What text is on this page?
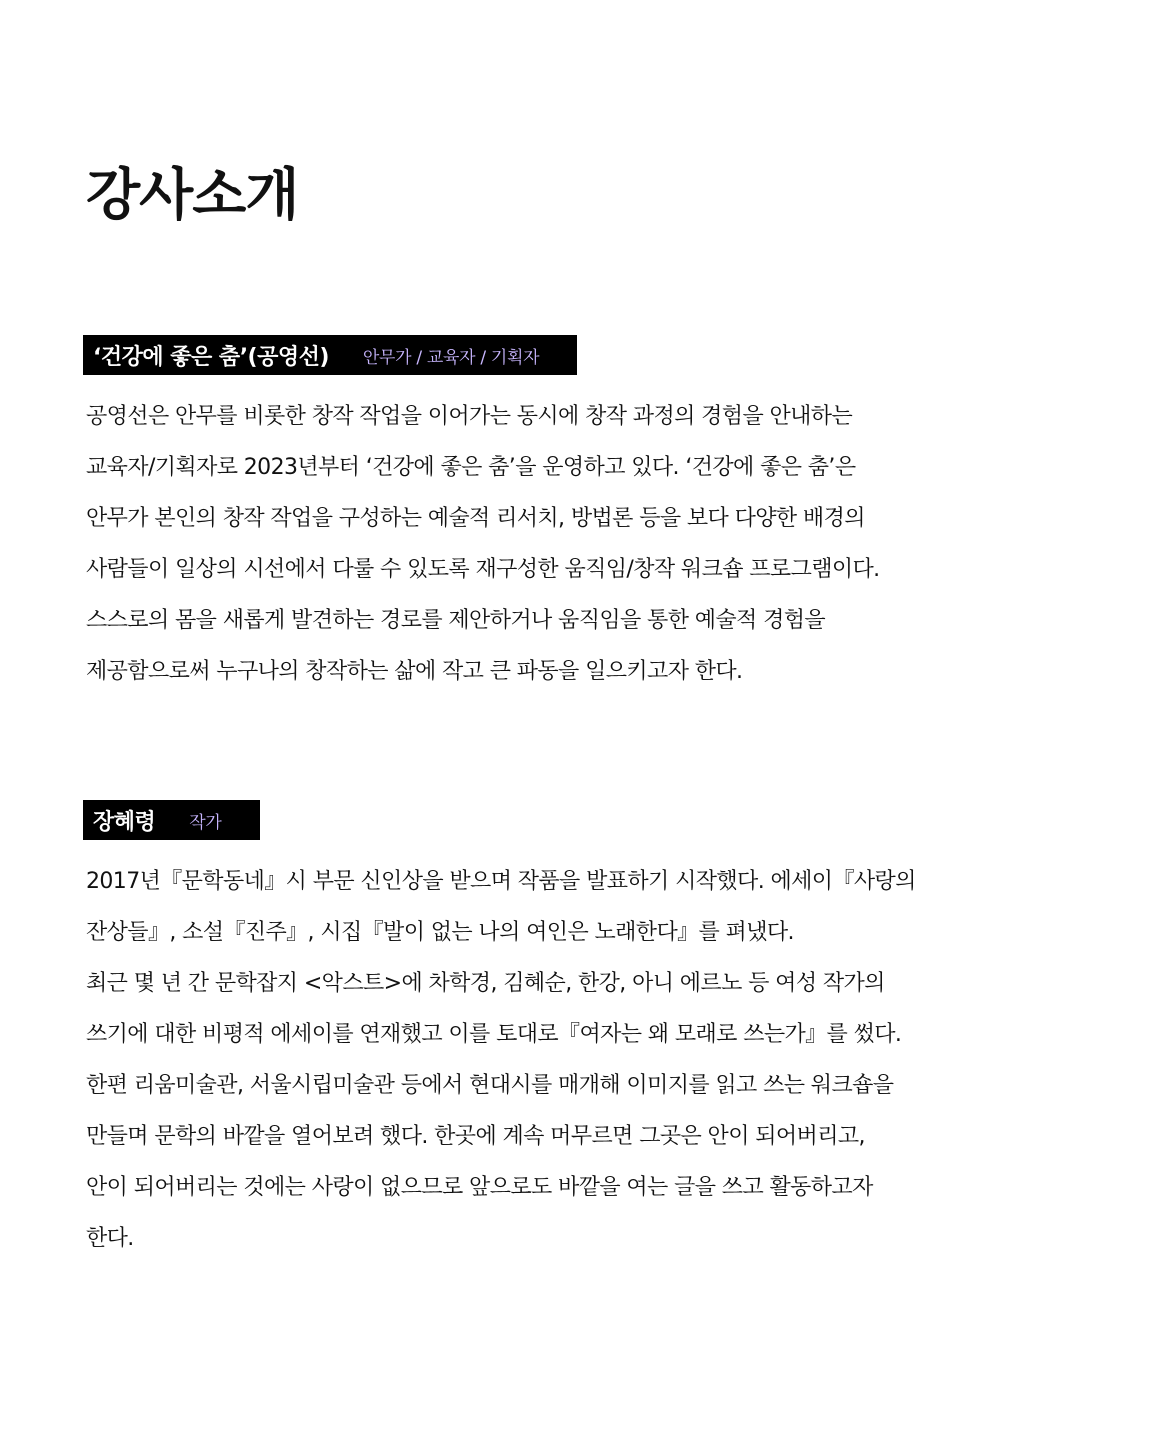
강사소개
‘건강에 좋은 춤’(공영선) 안무가 / 교육자 / 기획자

공영선은 안무를 비롯한 창작 작업을 이어가는 동시에 창작 과정의 경험을 안내하는

교육자/기획자로 2023년부터 ‘건강에 좋은 춤’을 운영하고 있다. ‘건강에 좋은 춤’은

안무가 본인의 창작 작업을 구성하는 예술적 리서치, 방법론 등을 보다 다양한 배경의

사람들이 일상의 시선에서 다룰 수 있도록 재구성한 움직임/창작 워크숍 프로그램이다.

스스로의 몸을 새롭게 발견하는 경로를 제안하거나 움직임을 통한 예술적 경험을

제공함으로써 누구나의 창작하는 삶에 작고 큰 파동을 일으키고자 한다.

장혜령 작가

2017년『문학동네』시 부문 신인상을 받으며 작품을 발표하기 시작했다. 에세이『사랑의

잔상들』, 소설『진주』, 시집『발이 없는 나의 여인은 노래한다』를 펴냈다.

최근 몇 년 간 문학잡지 <악스트>에 차학경, 김혜순, 한강, 아니 에르노 등 여성 작가의

쓰기에 대한 비평적 에세이를 연재했고 이를 토대로『여자는 왜 모래로 쓰는가』를 썼다.

한편 리움미술관, 서울시립미술관 등에서 현대시를 매개해 이미지를 읽고 쓰는 워크숍을

만들며 문학의 바깥을 열어보려 했다. 한곳에 계속 머무르면 그곳은 안이 되어버리고,

안이 되어버리는 것에는 사랑이 없으므로 앞으로도 바깥을 여는 글을 쓰고 활동하고자

한다.
